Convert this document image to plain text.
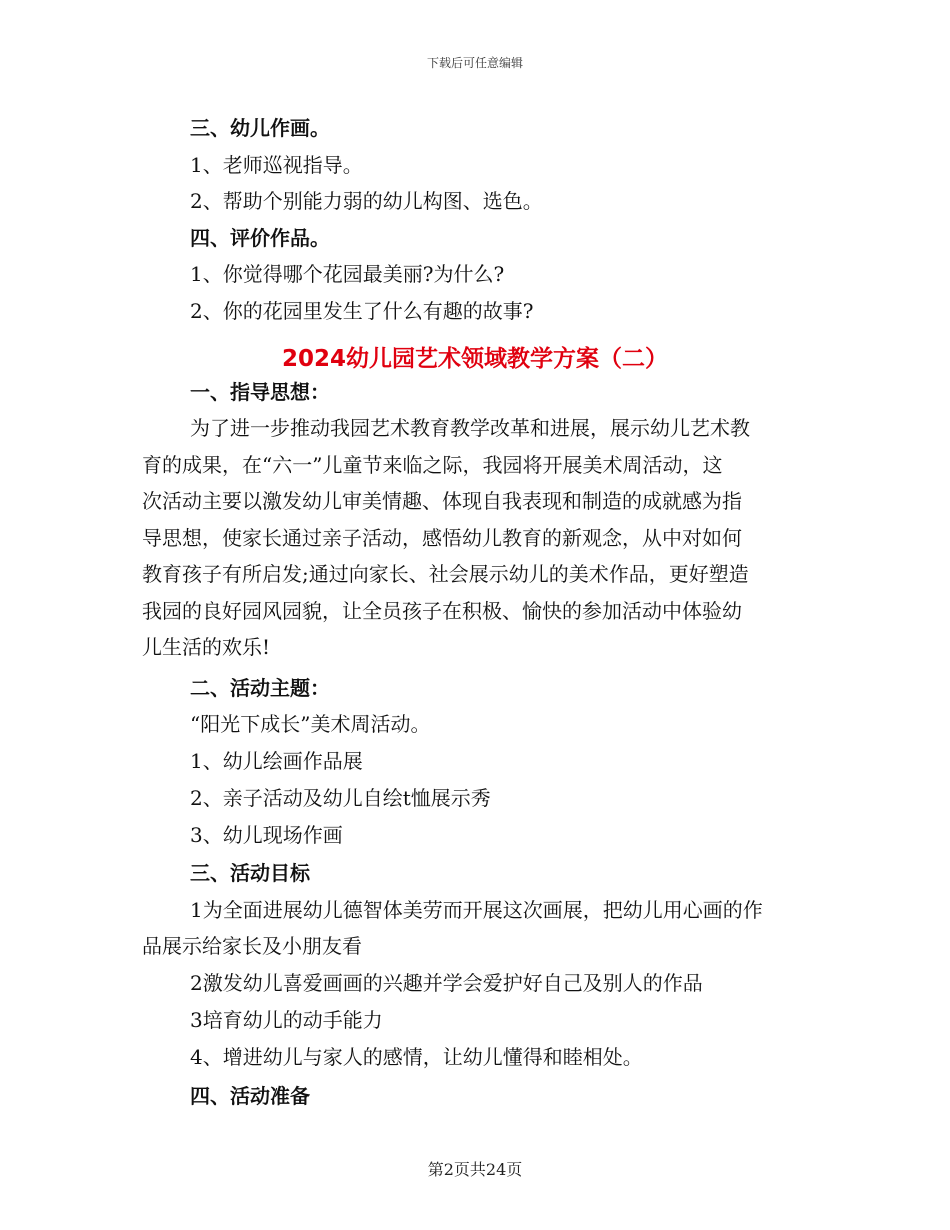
下载后可任意编辑
三、幼儿作画。
1、老师巡视指导。
2、帮助个别能力弱的幼儿构图、选色。
四、评价作品。
1、你觉得哪个花园最美丽?为什么?
2、你的花园里发生了什么有趣的故事?
2024幼儿园艺术领域教学方案（二）
一、指导思想：
为了进一步推动我园艺术教育教学改革和进展，展示幼儿艺术教
育的成果，在“六一”儿童节来临之际，我园将开展美术周活动，这
次活动主要以激发幼儿审美情趣、体现自我表现和制造的成就感为指
导思想，使家长通过亲子活动，感悟幼儿教育的新观念，从中对如何
教育孩子有所启发;通过向家长、社会展示幼儿的美术作品，更好塑造
我园的良好园风园貌，让全员孩子在积极、愉快的参加活动中体验幼
儿生活的欢乐!
二、活动主题：
“阳光下成长”美术周活动。
1、幼儿绘画作品展
2、亲子活动及幼儿自绘t恤展示秀
3、幼儿现场作画
三、活动目标
1为全面进展幼儿德智体美劳而开展这次画展，把幼儿用心画的作
品展示给家长及小朋友看
2激发幼儿喜爱画画的兴趣并学会爱护好自己及别人的作品
3培育幼儿的动手能力
4、增进幼儿与家人的感情，让幼儿懂得和睦相处。
四、活动准备
第2页共24页
